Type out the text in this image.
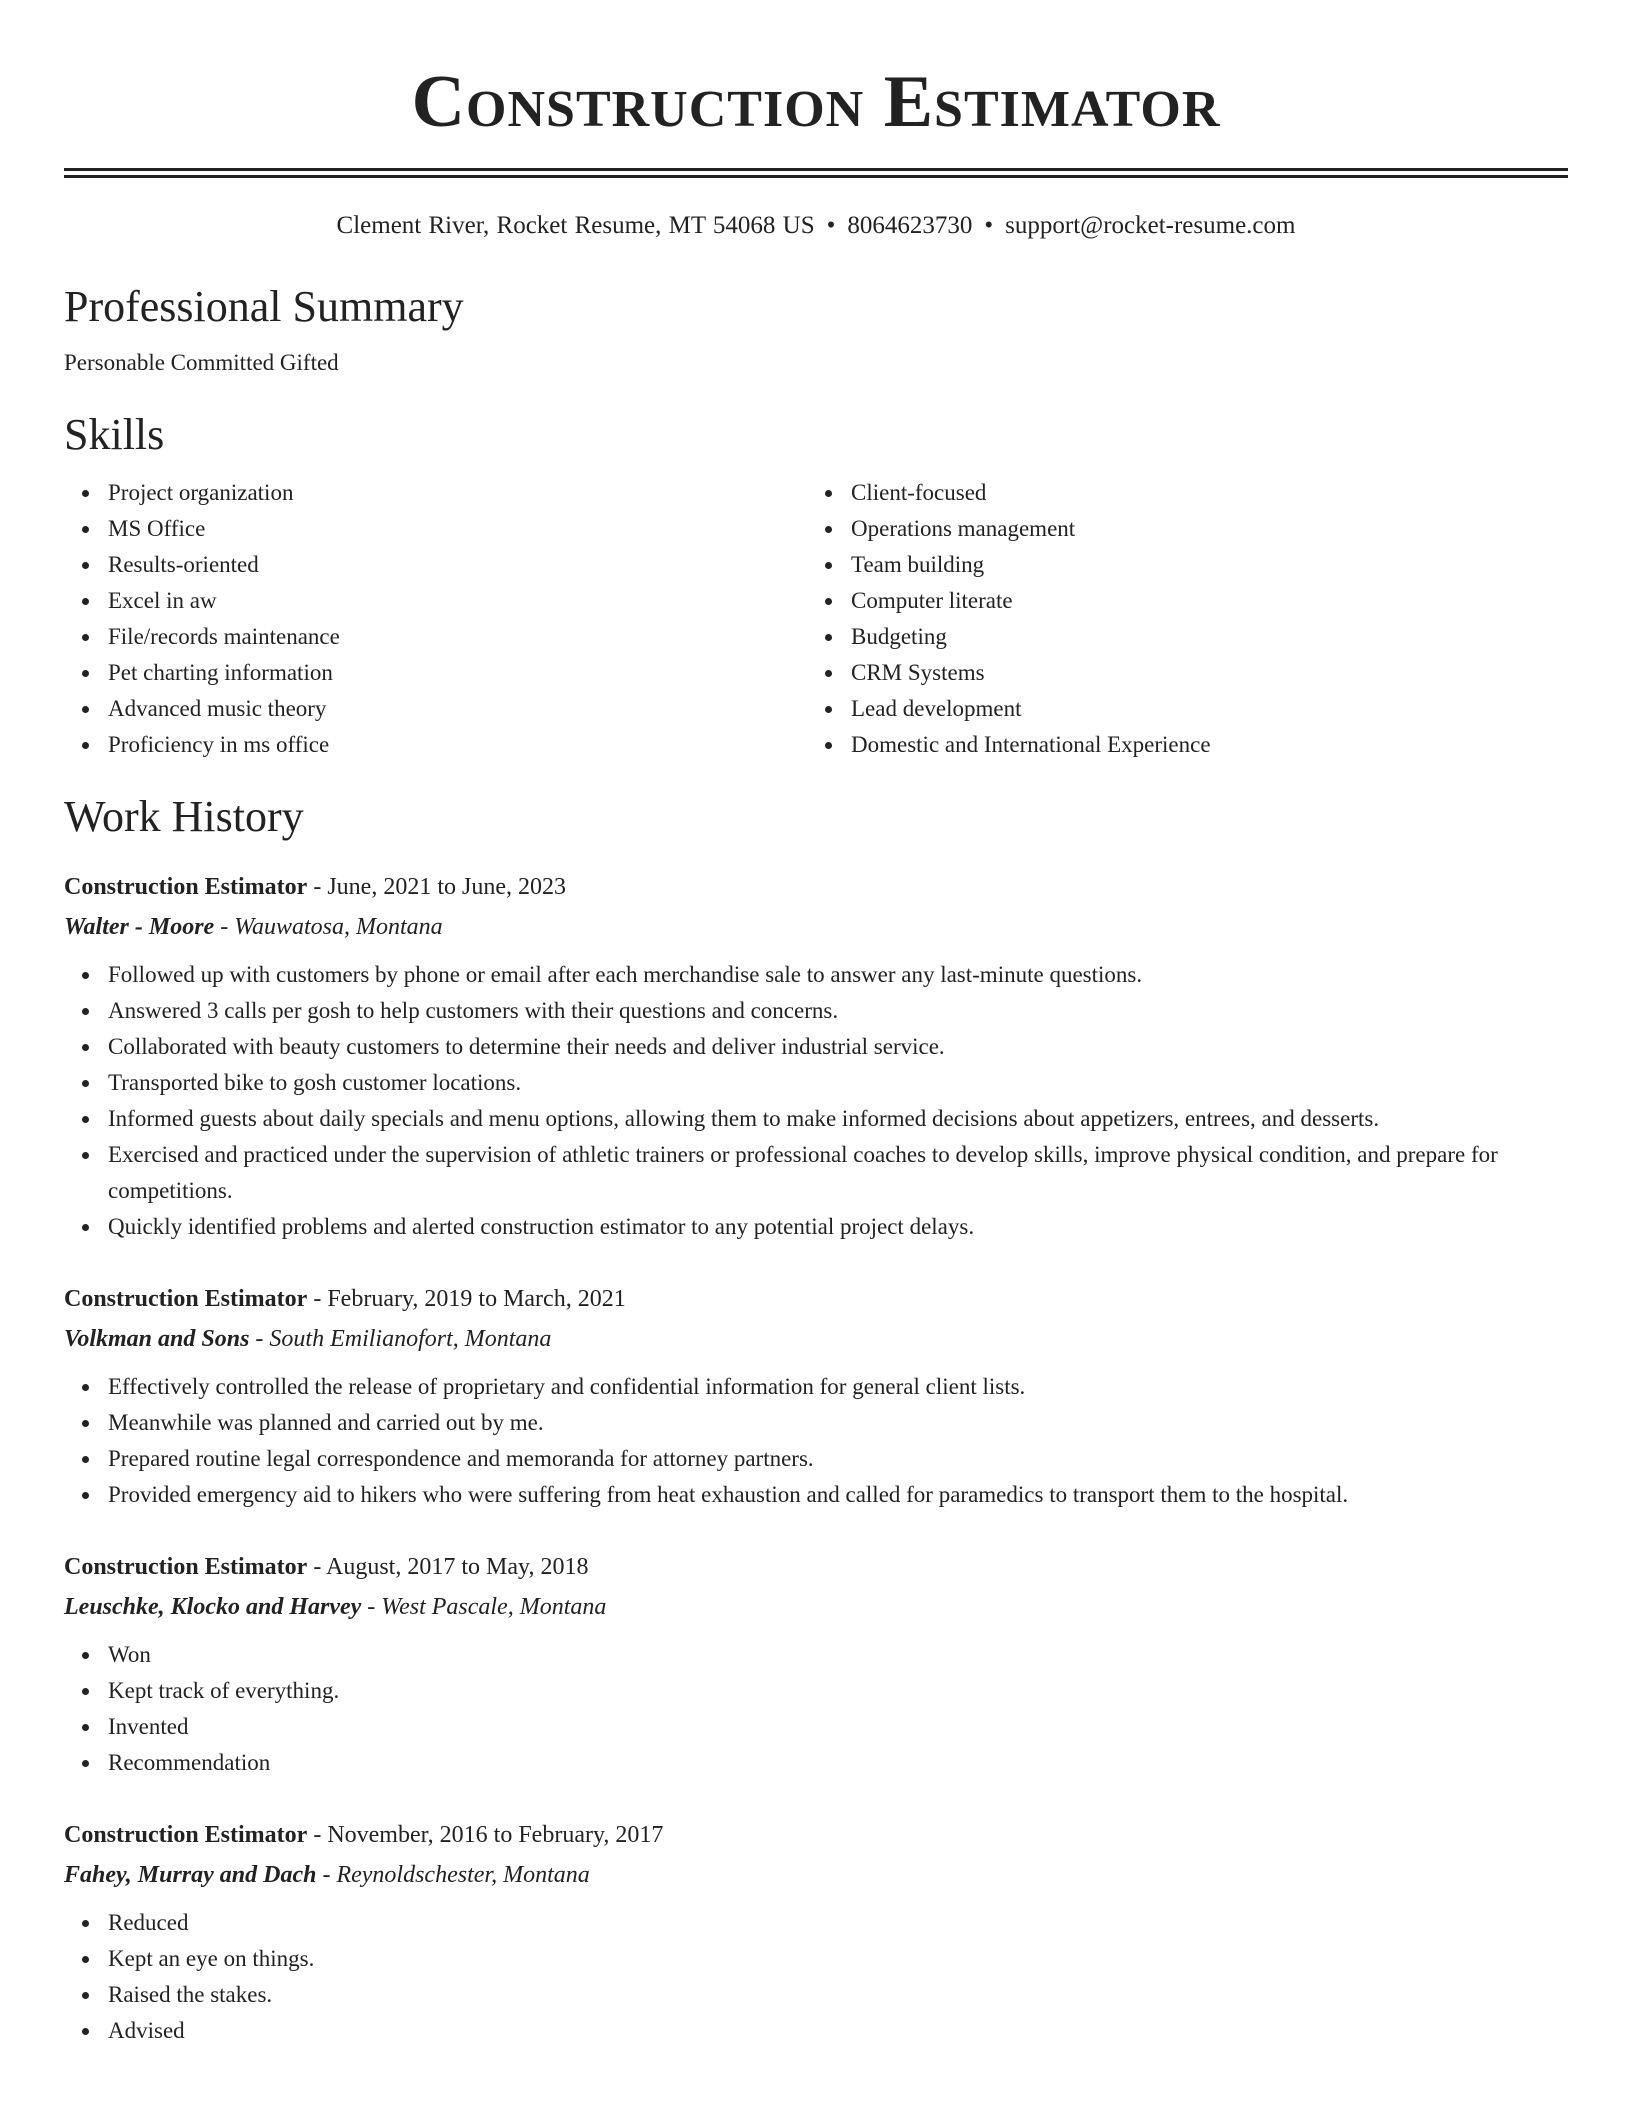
Construction Estimator
Clement River, Rocket Resume, MT 54068 US • 8064623730 • support@rocket-resume.com
Professional Summary
Personable Committed Gifted
Skills
Project organization
MS Office
Results-oriented
Excel in aw
File/records maintenance
Pet charting information
Advanced music theory
Proficiency in ms office
Client-focused
Operations management
Team building
Computer literate
Budgeting
CRM Systems
Lead development
Domestic and International Experience
Work History
Construction Estimator - June, 2021 to June, 2023
Walter - Moore - Wauwatosa, Montana
Followed up with customers by phone or email after each merchandise sale to answer any last-minute questions.
Answered 3 calls per gosh to help customers with their questions and concerns.
Collaborated with beauty customers to determine their needs and deliver industrial service.
Transported bike to gosh customer locations.
Informed guests about daily specials and menu options, allowing them to make informed decisions about appetizers, entrees, and desserts.
Exercised and practiced under the supervision of athletic trainers or professional coaches to develop skills, improve physical condition, and prepare for competitions.
Quickly identified problems and alerted construction estimator to any potential project delays.
Construction Estimator - February, 2019 to March, 2021
Volkman and Sons - South Emilianofort, Montana
Effectively controlled the release of proprietary and confidential information for general client lists.
Meanwhile was planned and carried out by me.
Prepared routine legal correspondence and memoranda for attorney partners.
Provided emergency aid to hikers who were suffering from heat exhaustion and called for paramedics to transport them to the hospital.
Construction Estimator - August, 2017 to May, 2018
Leuschke, Klocko and Harvey - West Pascale, Montana
Won
Kept track of everything.
Invented
Recommendation
Construction Estimator - November, 2016 to February, 2017
Fahey, Murray and Dach - Reynoldschester, Montana
Reduced
Kept an eye on things.
Raised the stakes.
Advised
